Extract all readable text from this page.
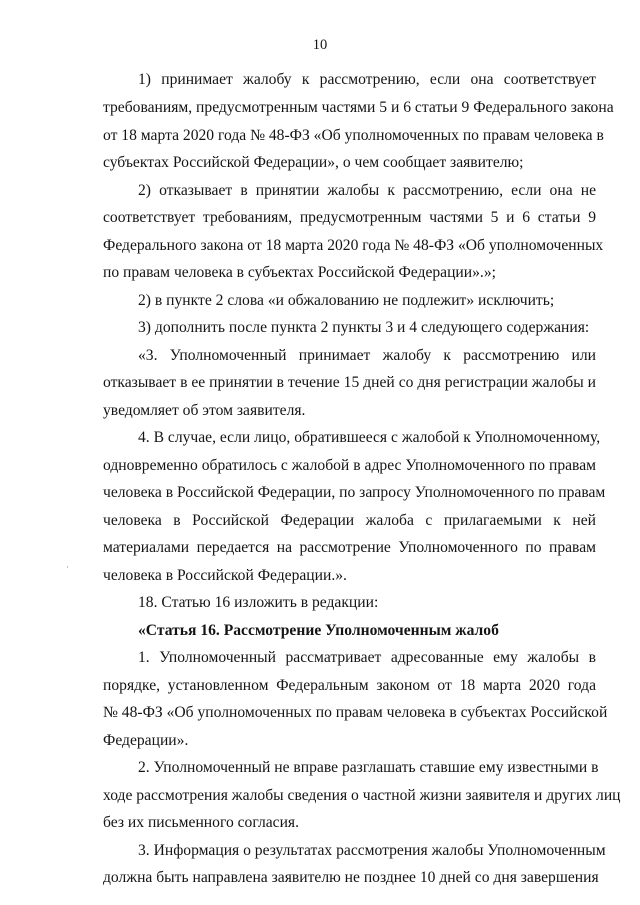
10
1) принимает жалобу к рассмотрению, если она соответствует
требованиям, предусмотренным частями 5 и 6 статьи 9 Федерального закона
от 18 марта 2020 года № 48-ФЗ «Об уполномоченных по правам человека в
субъектах Российской Федерации», о чем сообщает заявителю;
2) отказывает в принятии жалобы к рассмотрению, если она не
соответствует требованиям, предусмотренным частями 5 и 6 статьи 9
Федерального закона от 18 марта 2020 года № 48-ФЗ «Об уполномоченных
по правам человека в субъектах Российской Федерации».»;
2) в пункте 2 слова «и обжалованию не подлежит» исключить;
3) дополнить после пункта 2 пункты 3 и 4 следующего содержания:
«3. Уполномоченный принимает жалобу к рассмотрению или
отказывает в ее принятии в течение 15 дней со дня регистрации жалобы и
уведомляет об этом заявителя.
4. В случае, если лицо, обратившееся с жалобой к Уполномоченному,
одновременно обратилось с жалобой в адрес Уполномоченного по правам
человека в Российской Федерации, по запросу Уполномоченного по правам
человека в Российской Федерации жалоба с прилагаемыми к ней
материалами передается на рассмотрение Уполномоченного по правам
человека в Российской Федерации.».
18. Статью 16 изложить в редакции:
«Статья 16. Рассмотрение Уполномоченным жалоб
1. Уполномоченный рассматривает адресованные ему жалобы в
порядке, установленном Федеральным законом от 18 марта 2020 года
№ 48-ФЗ «Об уполномоченных по правам человека в субъектах Российской
Федерации».
2. Уполномоченный не вправе разглашать ставшие ему известными в
ходе рассмотрения жалобы сведения о частной жизни заявителя и других лиц
без их письменного согласия.
3. Информация о результатах рассмотрения жалобы Уполномоченным
должна быть направлена заявителю не позднее 10 дней со дня завершения
